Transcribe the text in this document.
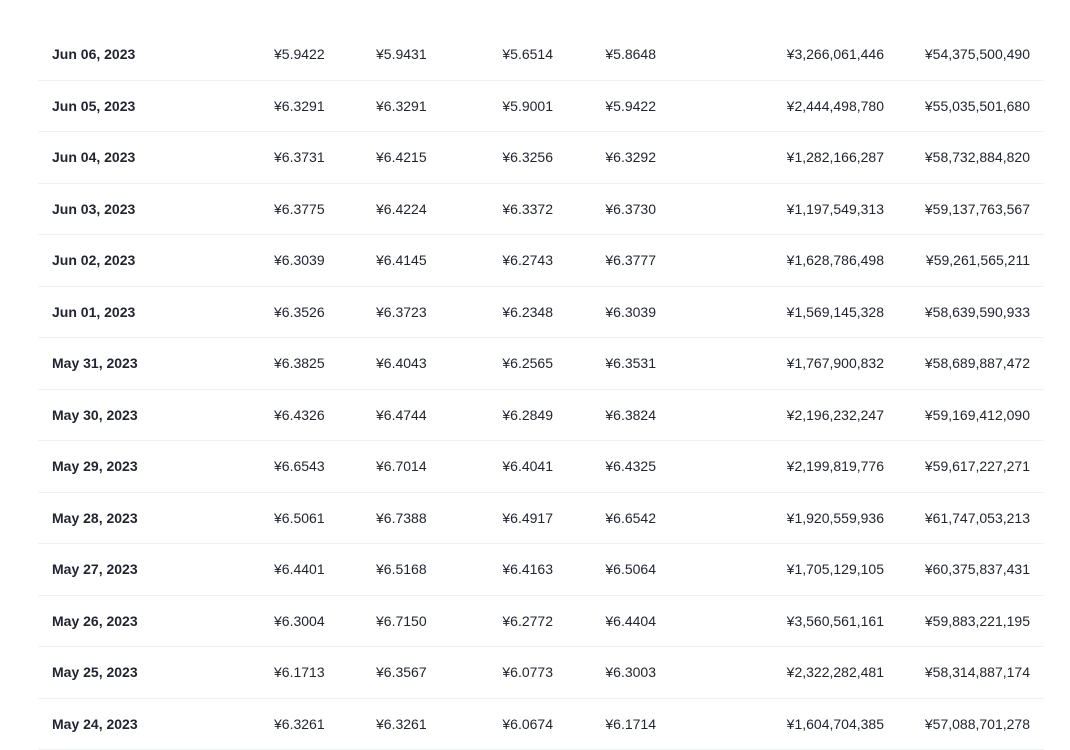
Jun 06, 2023	¥5.9422	¥5.9431	¥5.6514	¥5.8648	¥3,266,061,446	¥54,375,500,490
Jun 05, 2023	¥6.3291	¥6.3291	¥5.9001	¥5.9422	¥2,444,498,780	¥55,035,501,680
Jun 04, 2023	¥6.3731	¥6.4215	¥6.3256	¥6.3292	¥1,282,166,287	¥58,732,884,820
Jun 03, 2023	¥6.3775	¥6.4224	¥6.3372	¥6.3730	¥1,197,549,313	¥59,137,763,567
Jun 02, 2023	¥6.3039	¥6.4145	¥6.2743	¥6.3777	¥1,628,786,498	¥59,261,565,211
Jun 01, 2023	¥6.3526	¥6.3723	¥6.2348	¥6.3039	¥1,569,145,328	¥58,639,590,933
May 31, 2023	¥6.3825	¥6.4043	¥6.2565	¥6.3531	¥1,767,900,832	¥58,689,887,472
May 30, 2023	¥6.4326	¥6.4744	¥6.2849	¥6.3824	¥2,196,232,247	¥59,169,412,090
May 29, 2023	¥6.6543	¥6.7014	¥6.4041	¥6.4325	¥2,199,819,776	¥59,617,227,271
May 28, 2023	¥6.5061	¥6.7388	¥6.4917	¥6.6542	¥1,920,559,936	¥61,747,053,213
May 27, 2023	¥6.4401	¥6.5168	¥6.4163	¥6.5064	¥1,705,129,105	¥60,375,837,431
May 26, 2023	¥6.3004	¥6.7150	¥6.2772	¥6.4404	¥3,560,561,161	¥59,883,221,195
May 25, 2023	¥6.1713	¥6.3567	¥6.0773	¥6.3003	¥2,322,282,481	¥58,314,887,174
May 24, 2023	¥6.3261	¥6.3261	¥6.0674	¥6.1714	¥1,604,704,385	¥57,088,701,278
